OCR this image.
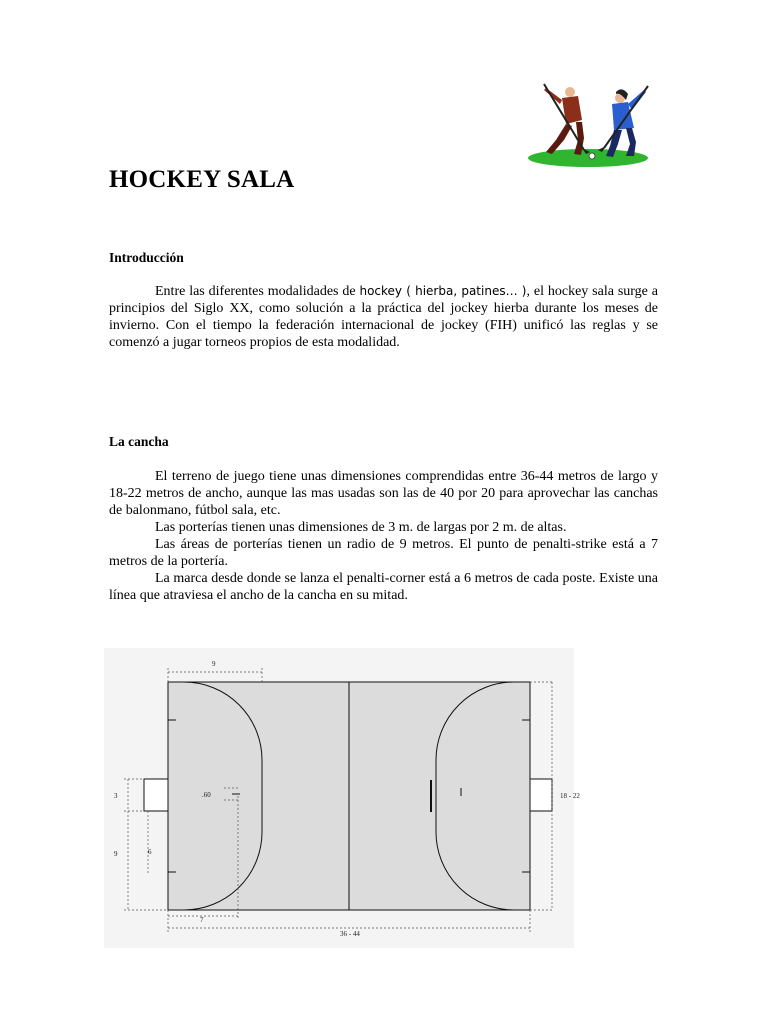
HOCKEY SALA
Introducción

Entre las diferentes modalidades de hockey ( hierba, patines… ), el hockey sala surge a principios del Siglo XX, como solución a la práctica del jockey hierba durante los meses de invierno. Con el tiempo la federación internacional de jockey (FIH) unificó las reglas y se comenzó a jugar torneos propios de esta modalidad.

La cancha

El terreno de juego tiene unas dimensiones comprendidas entre 36-44 metros de largo y 18-22 metros de ancho, aunque las mas usadas son las de 40 por 20 para aprovechar las canchas de balonmano, fútbol sala, etc.

Las porterías tienen unas dimensiones de 3 m. de largas por 2 m. de altas.

Las áreas de porterías tienen un radio de 9 metros. El punto de penalti-strike está a 7 metros de la portería.

La marca desde donde se lanza el penalti-corner está a 6 metros de cada poste. Existe una línea que atraviesa el ancho de la cancha en su mitad.

9
3
9	6
.60
7
36 - 44
18 - 22
